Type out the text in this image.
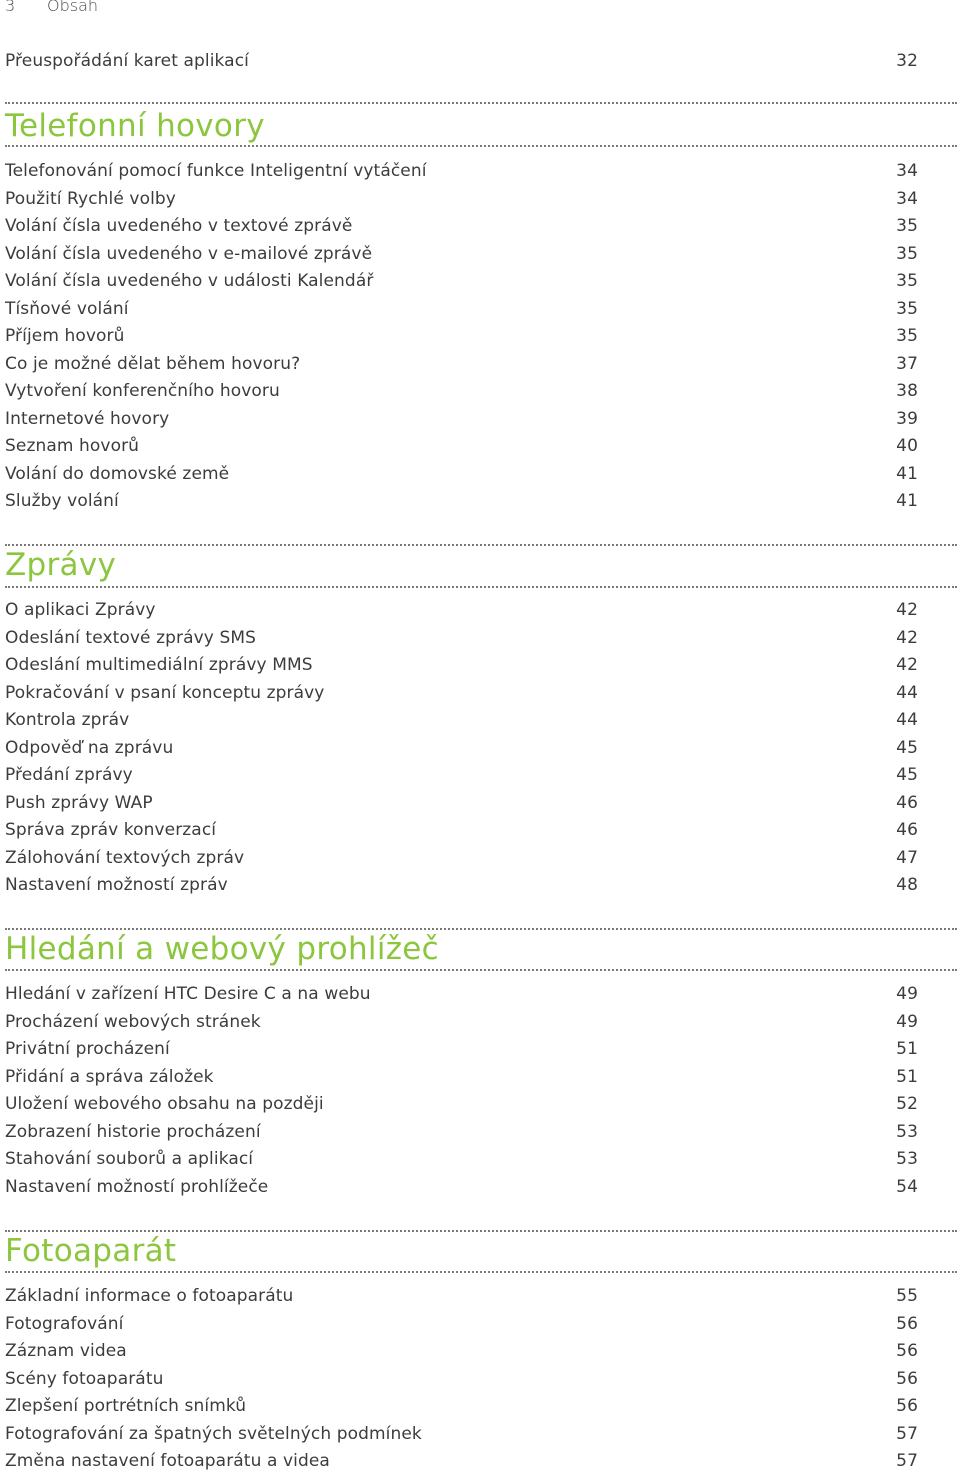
3 Obsah
Přeuspořádání karet aplikací	32
Telefonní hovory
Telefonování pomocí funkce Inteligentní vytáčení	34
Použití Rychlé volby	34
Volání čísla uvedeného v textové zprávě	35
Volání čísla uvedeného v e-mailové zprávě	35
Volání čísla uvedeného v události Kalendář	35
Tísňové volání	35
Příjem hovorů	35
Co je možné dělat během hovoru?	37
Vytvoření konferenčního hovoru	38
Internetové hovory	39
Seznam hovorů	40
Volání do domovské země	41
Služby volání	41
Zprávy
O aplikaci Zprávy	42
Odeslání textové zprávy SMS	42
Odeslání multimediální zprávy MMS	42
Pokračování v psaní konceptu zprávy	44
Kontrola zpráv	44
Odpověď na zprávu	45
Předání zprávy	45
Push zprávy WAP	46
Správa zpráv konverzací	46
Zálohování textových zpráv	47
Nastavení možností zpráv	48
Hledání a webový prohlížeč
Hledání v zařízení HTC Desire C a na webu	49
Procházení webových stránek	49
Privátní procházení	51
Přidání a správa záložek	51
Uložení webového obsahu na později	52
Zobrazení historie procházení	53
Stahování souborů a aplikací	53
Nastavení možností prohlížeče	54
Fotoaparát
Základní informace o fotoaparátu	55
Fotografování	56
Záznam videa	56
Scény fotoaparátu	56
Zlepšení portrétních snímků	56
Fotografování za špatných světelných podmínek	57
Změna nastavení fotoaparátu a videa	57
